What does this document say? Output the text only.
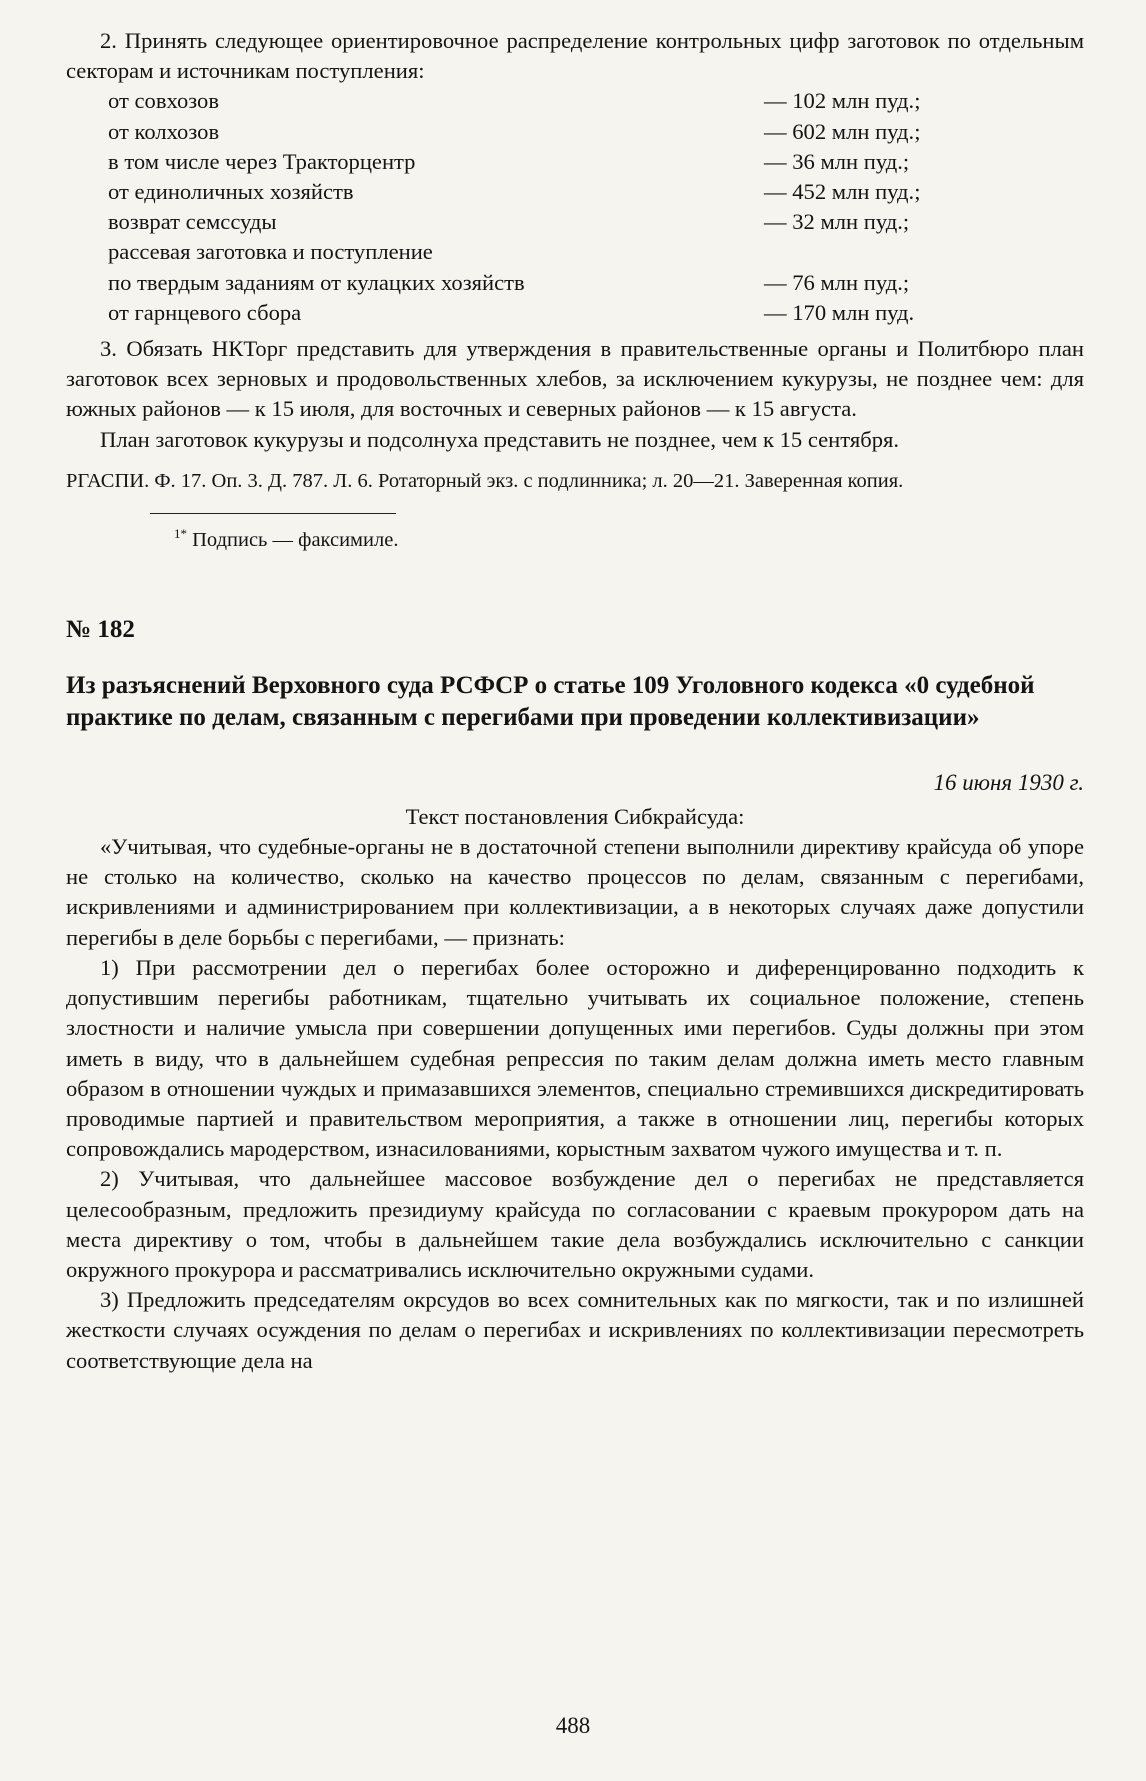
2. Принять следующее ориентировочное распределение контрольных цифр заготовок по отдельным секторам и источникам поступления:

от совхозов	— 102 млн пуд.;
от колхозов	— 602 млн пуд.;
в том числе через Тракторцентр	— 36 млн пуд.;
от единоличных хозяйств	— 452 млн пуд.;
возврат семссуды	— 32 млн пуд.;
рассевая заготовка и поступление	
по твердым заданиям от кулацких хозяйств	— 76 млн пуд.;
от гарнцевого сбора	— 170 млн пуд.

3. Обязать НКТорг представить для утверждения в правительственные органы и Политбюро план заготовок всех зерновых и продовольственных хлебов, за исключением кукурузы, не позднее чем: для южных районов — к 15 июля, для восточных и северных районов — к 15 августа.

План заготовок кукурузы и подсолнуха представить не позднее, чем к 15 сентября.

РГАСПИ. Ф. 17. Оп. 3. Д. 787. Л. 6. Ротаторный экз. с подлинника; л. 20—21. Заверенная копия.

$^{1*}$ Подпись — факсимиле.
№ 182
Из разъяснений Верховного суда РСФСР о статье 109 Уголовного кодекса «0 судебной практике по делам, связанным с перегибами при проведении коллективизации»
16 июня 1930 г.
Текст постановления Сибкрайсуда:

«Учитывая, что судебные-органы не в достаточной степени выполнили директиву крайсуда об упоре не столько на количество, сколько на качество процессов по делам, связанным с перегибами, искривлениями и администрированием при коллективизации, а в некоторых случаях даже допустили перегибы в деле борьбы с перегибами, — признать:

1) При рассмотрении дел о перегибах более осторожно и диференцированно подходить к допустившим перегибы работникам, тщательно учитывать их социальное положение, степень злостности и наличие умысла при совершении допущенных ими перегибов. Суды должны при этом иметь в виду, что в дальнейшем судебная репрессия по таким делам должна иметь место главным образом в отношении чуждых и примазавшихся элементов, специально стремившихся дискредитировать проводимые партией и правительством мероприятия, а также в отношении лиц, перегибы которых сопровождались мародерством, изнасилованиями, корыстным захватом чужого имущества и т. п.

2) Учитывая, что дальнейшее массовое возбуждение дел о перегибах не представляется целесообразным, предложить президиуму крайсуда по согласовании с краевым прокурором дать на места директиву о том, чтобы в дальнейшем такие дела возбуждались исключительно с санкции окружного прокурора и рассматривались исключительно окружными судами.

3) Предложить председателям окрсудов во всех сомнительных как по мягкости, так и по излишней жесткости случаях осуждения по делам о перегибах и искривлениях по коллективизации пересмотреть соответствующие дела на

488
